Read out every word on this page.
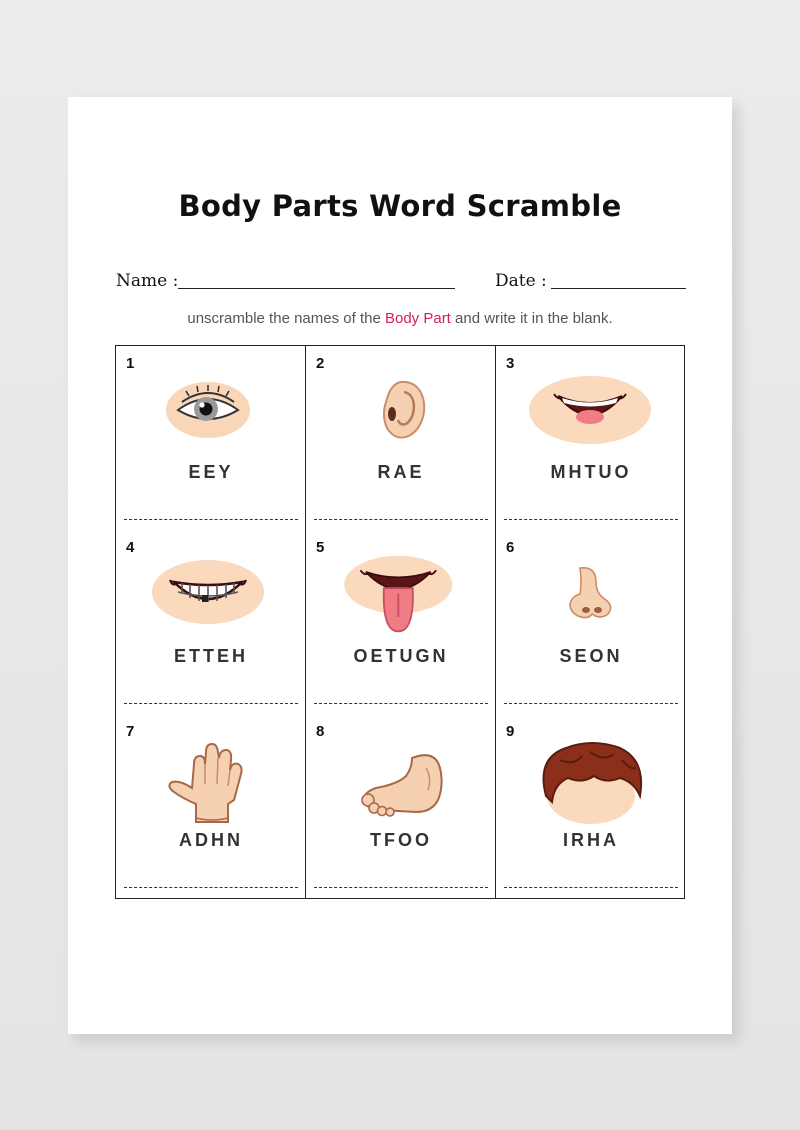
Body Parts Word Scramble
Name :	Date :
unscramble the names of the Body Part and write it in the blank.
1
EEY
2
RAE
3
MHTUO
4
ETTEH
5
OETUGN
6
SEON
7
ADHN
8
TFOO
9
IRHA
